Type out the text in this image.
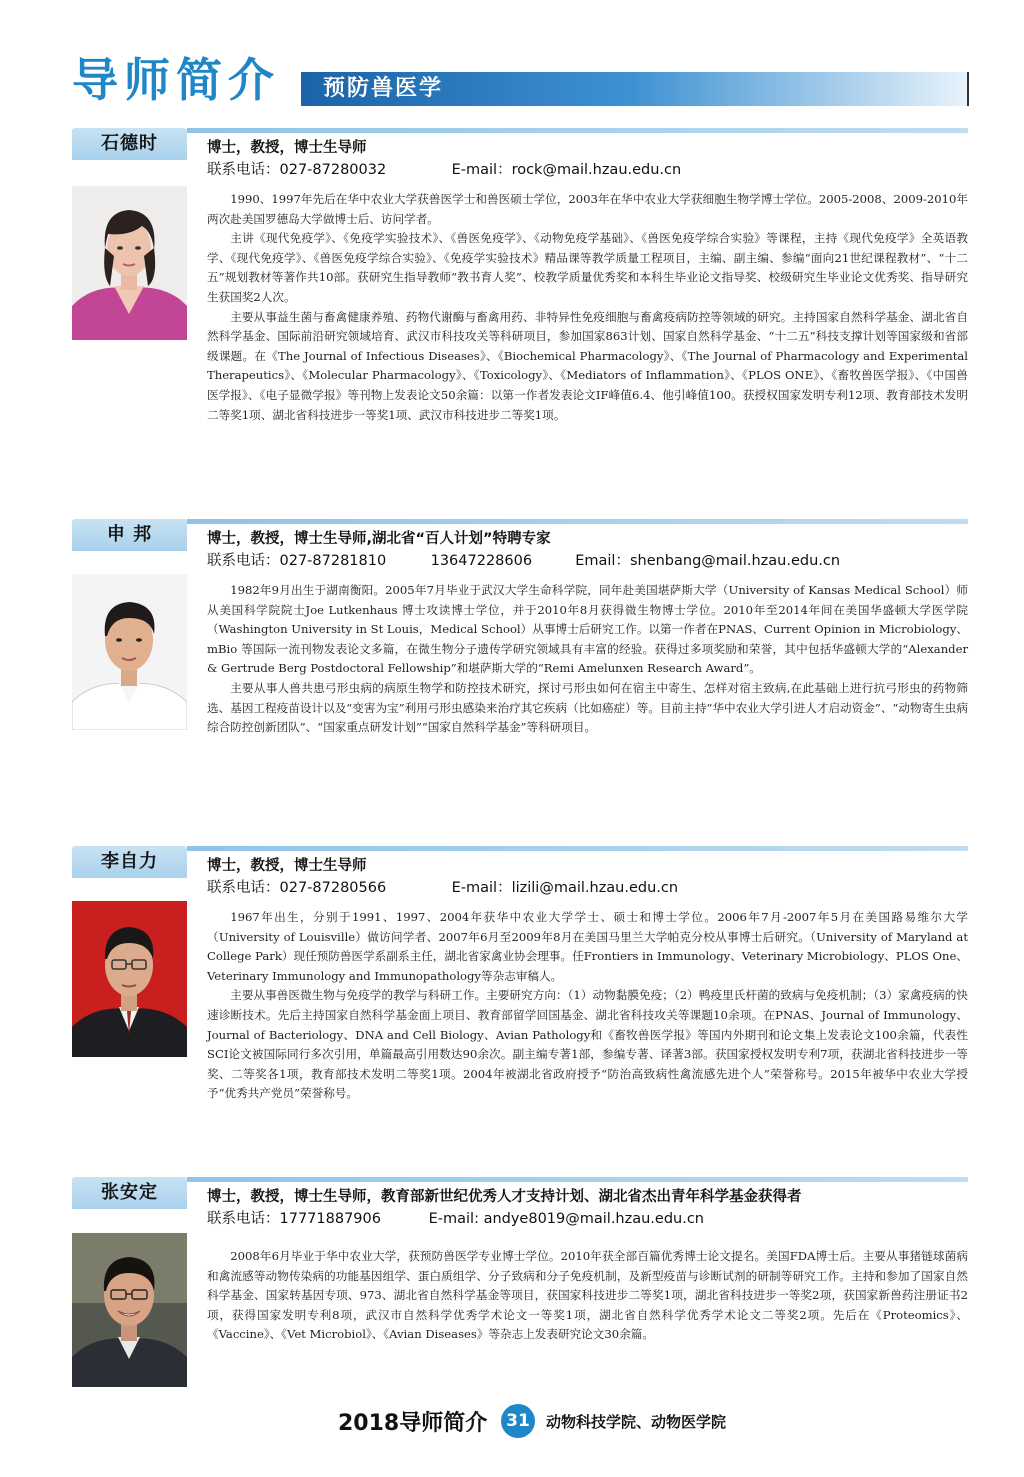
导师简介 预防兽医学
石德时	博士，教授，博士生导师
联系电话：027-87280032	E-mail：rock@mail.hzau.edu.cn

1990、1997年先后在华中农业大学获兽医学士和兽医硕士学位，2003年在华中农业大学获细胞生物学博士学位。2005-2008、2009-2010年两次赴美国罗德岛大学做博士后、访问学者。

主讲《现代免疫学》、《免疫学实验技术》、《兽医免疫学》、《动物免疫学基础》、《兽医免疫学综合实验》等课程，主持《现代免疫学》全英语教学、《现代免疫学》、《兽医免疫学综合实验》、《免疫学实验技术》精品课等教学质量工程项目，主编、副主编、参编“面向21世纪课程教材”、“十二五”规划教材等著作共10部。获研究生指导教师“教书育人奖”、校教学质量优秀奖和本科生毕业论文指导奖、校级研究生毕业论文优秀奖、指导研究生获国奖2人次。

主要从事益生菌与畜禽健康养殖、药物代谢酶与畜禽用药、非特异性免疫细胞与畜禽疫病防控等领域的研究。主持国家自然科学基金、湖北省自然科学基金、国际前沿研究领域培育、武汉市科技攻关等科研项目，参加国家863计划、国家自然科学基金、“十二五”科技支撑计划等国家级和省部级课题。在《The Journal of Infectious Diseases》、《Biochemical Pharmacology》、《The Journal of Pharmacology and Experimental Therapeutics》、《Molecular Pharmacology》、《Toxicology》、《Mediators of Inflammation》、《PLOS ONE》、《畜牧兽医学报》、《中国兽医学报》、《电子显微学报》等刊物上发表论文50余篇：以第一作者发表论文IF峰值6.4、他引峰值100。获授权国家发明专利12项、教育部技术发明二等奖1项、湖北省科技进步一等奖1项、武汉市科技进步二等奖1项。

申 邦	博士，教授，博士生导师,湖北省“百人计划”特聘专家
联系电话：027-87281810	13647228606	Email：shenbang@mail.hzau.edu.cn

1982年9月出生于湖南衡阳。2005年7月毕业于武汉大学生命科学院，同年赴美国堪萨斯大学（University of Kansas Medical School）师从美国科学院院士Joe Lutkenhaus 博士攻读博士学位，并于2010年8月获得微生物博士学位。2010年至2014年间在美国华盛顿大学医学院（Washington University in St Louis，Medical School）从事博士后研究工作。以第一作者在PNAS、Current Opinion in Microbiology、mBio 等国际一流刊物发表论文多篇，在微生物分子遗传学研究领域具有丰富的经验。获得过多项奖励和荣誉，其中包括华盛顿大学的“Alexander & Gertrude Berg Postdoctoral Fellowship”和堪萨斯大学的“Remi Amelunxen Research Award”。

主要从事人兽共患弓形虫病的病原生物学和防控技术研究，探讨弓形虫如何在宿主中寄生、怎样对宿主致病,在此基础上进行抗弓形虫的药物筛选、基因工程疫苗设计以及“变害为宝”利用弓形虫感染来治疗其它疾病（比如癌症）等。目前主持“华中农业大学引进人才启动资金”、“动物寄生虫病综合防控创新团队”、“国家重点研发计划”“国家自然科学基金”等科研项目。

李自力	博士，教授，博士生导师
联系电话：027-87280566	E-mail：lizili@mail.hzau.edu.cn

1967年出生，分别于1991、1997、2004年获华中农业大学学士、硕士和博士学位。2006年7月-2007年5月在美国路易维尔大学（University of Louisville）做访问学者、2007年6月至2009年8月在美国马里兰大学帕克分校从事博士后研究。（University of Maryland at College Park）现任预防兽医学系副系主任，湖北省家禽业协会理事。任Frontiers in Immunology、Veterinary Microbiology、PLOS One、Veterinary Immunology and Immunopathology等杂志审稿人。

主要从事兽医微生物与免疫学的教学与科研工作。主要研究方向：（1）动物黏膜免疫；（2）鸭疫里氏杆菌的致病与免疫机制；（3）家禽疫病的快速诊断技术。先后主持国家自然科学基金面上项目、教育部留学回国基金、湖北省科技攻关等课题10余项。在PNAS、Journal of Immunology、Journal of Bacteriology、DNA and Cell Biology、Avian Pathology和《畜牧兽医学报》等国内外期刊和论文集上发表论文100余篇，代表性SCI论文被国际同行多次引用，单篇最高引用数达90余次。副主编专著1部，参编专著、译著3部。获国家授权发明专利7项，获湖北省科技进步一等奖、二等奖各1项，教育部技术发明二等奖1项。2004年被湖北省政府授予“防治高致病性禽流感先进个人”荣誉称号。2015年被华中农业大学授予“优秀共产党员”荣誉称号。

张安定	博士，教授，博士生导师，教育部新世纪优秀人才支持计划、湖北省杰出青年科学基金获得者
联系电话：17771887906	E-mail: andye8019@mail.hzau.edu.cn

2008年6月毕业于华中农业大学，获预防兽医学专业博士学位。2010年获全部百篇优秀博士论文提名。美国FDA博士后。主要从事猪链球菌病和禽流感等动物传染病的功能基因组学、蛋白质组学、分子致病和分子免疫机制，及新型疫苗与诊断试剂的研制等研究工作。主持和参加了国家自然科学基金、国家转基因专项、973、湖北省自然科学基金等项目，获国家科技进步二等奖1项，湖北省科技进步一等奖2项，获国家新兽药注册证书2项，获得国家发明专利8项，武汉市自然科学优秀学术论文一等奖1项，湖北省自然科学优秀学术论文二等奖2项。先后在《Proteomics》、《Vaccine》、《Vet Microbiol》、《Avian Diseases》等杂志上发表研究论文30余篇。

2018导师简介	31	动物科技学院、动物医学院
